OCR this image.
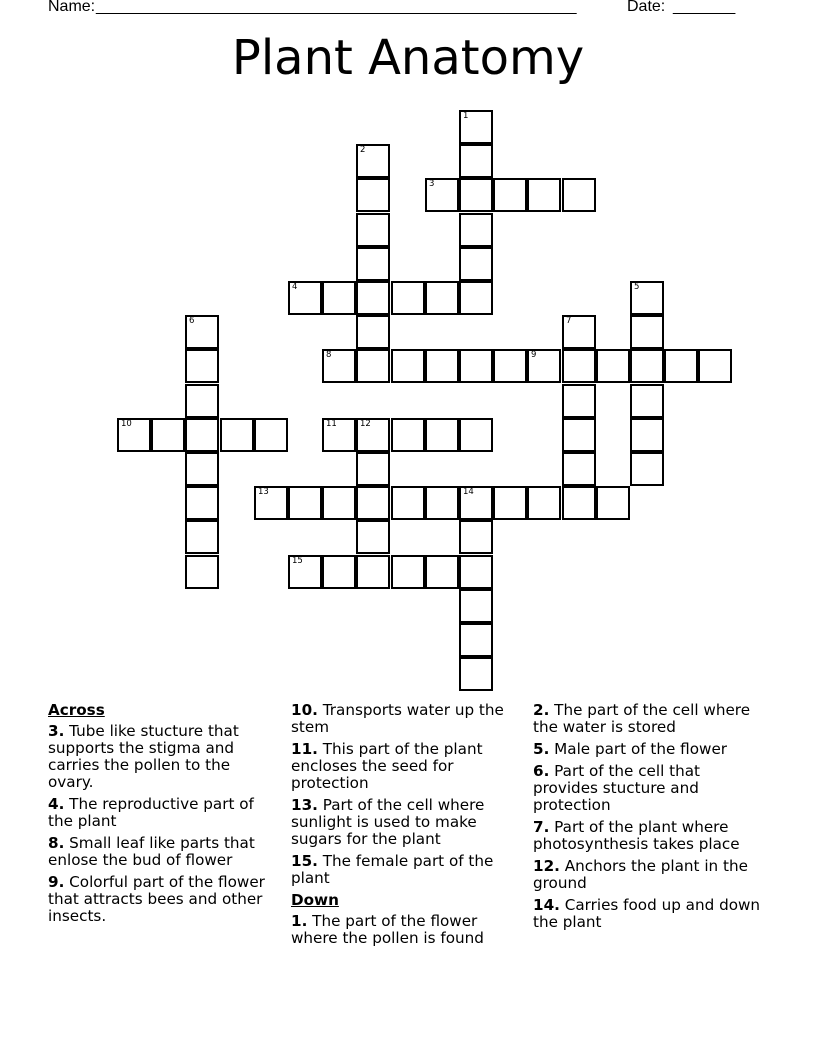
Name:
______________________________________________________	Date: _______
Plant Anatomy
1
2
3
4	5
6	7
8	9
10	11	12
13	14
15
Across
3. Tube like stucture that supports the stigma and carries the pollen to the ovary.
4. The reproductive part of the plant
8. Small leaf like parts that enlose the bud of flower
9. Colorful part of the flower that attracts bees and other insects.
10. Transports water up the stem
11. This part of the plant encloses the seed for protection
13. Part of the cell where sunlight is used to make sugars for the plant
15. The female part of the plant
Down
1. The part of the flower where the pollen is found
2. The part of the cell where the water is stored
5. Male part of the flower
6. Part of the cell that provides stucture and protection
7. Part of the plant where photosynthesis takes place
12. Anchors the plant in the ground
14. Carries food up and down the plant
